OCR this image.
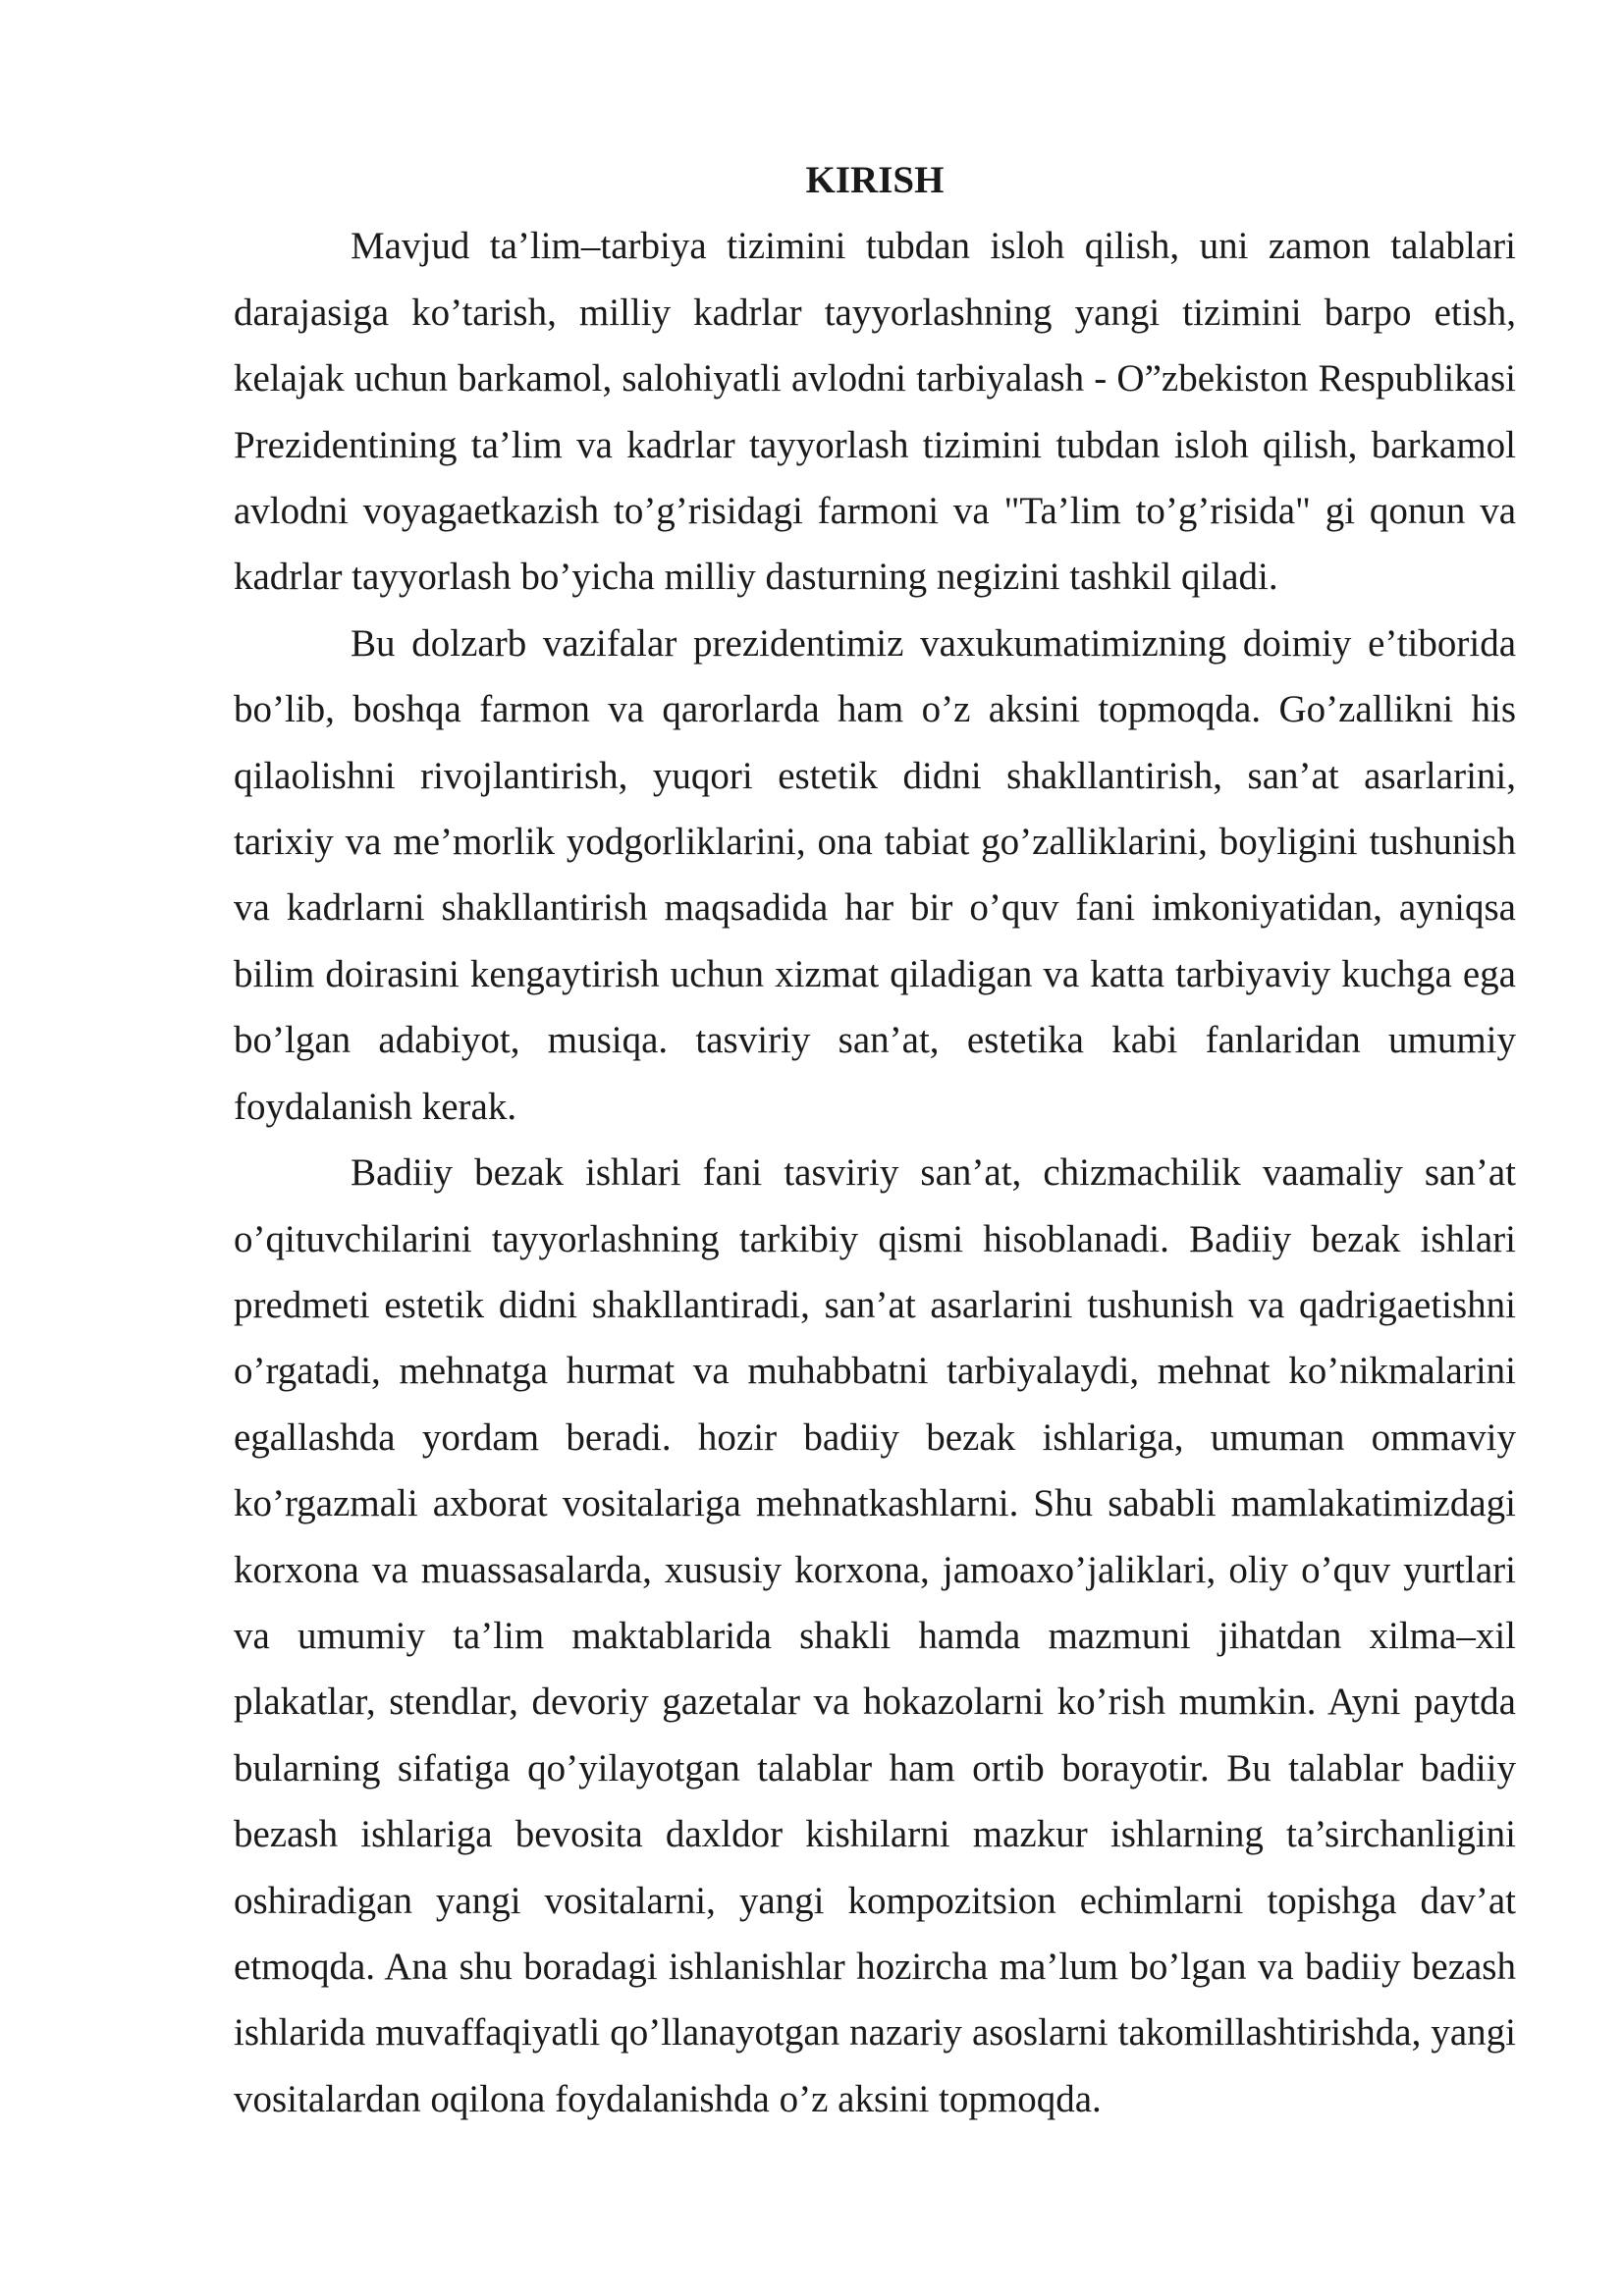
KIRISH

Mavjud ta’lim–tarbiya tizimini tubdan isloh qilish, uni zamon talablari darajasiga ko’tarish, milliy kadrlar tayyorlashning yangi tizimini barpo etish, kelajak uchun barkamol, salohiyatli avlodni tarbiyalash - O”zbekiston Respublikasi Prezidentining ta’lim va kadrlar tayyorlash tizimini tubdan isloh qilish, barkamol avlodni voyagaetkazish to’g’risidagi farmoni va "Ta’lim to’g’risida" gi qonun va kadrlar tayyorlash bo’yicha milliy dasturning negizini tashkil qiladi.

Bu dolzarb vazifalar prezidentimiz vaxukumatimizning doimiy e’tiborida bo’lib, boshqa farmon va qarorlarda ham o’z aksini topmoqda. Go’zallikni his qilaolishni rivojlantirish, yuqori estetik didni shakllantirish, san’at asarlarini, tarixiy va me’morlik yodgorliklarini, ona tabiat go’zalliklarini, boyligini tushunish va kadrlarni shakllantirish maqsadida har bir o’quv fani imkoniyatidan, ayniqsa bilim doirasini kengaytirish uchun xizmat qiladigan va katta tarbiyaviy kuchga ega bo’lgan adabiyot, musiqa. tasviriy san’at, estetika kabi fanlaridan umumiy foydalanish kerak.

Badiiy bezak ishlari fani tasviriy san’at, chizmachilik vaamaliy san’at o’qituvchilarini tayyorlashning tarkibiy qismi hisoblanadi. Badiiy bezak ishlari predmeti estetik didni shakllantiradi, san’at asarlarini tushunish va qadrigaetishni o’rgatadi, mehnatga hurmat va muhabbatni tarbiyalaydi, mehnat ko’nikmalarini egallashda yordam beradi. hozir badiiy bezak ishlariga, umuman ommaviy ko’rgazmali axborat vositalariga mehnatkashlarni. Shu sababli mamlakatimizdagi korxona va muassasalarda, xususiy korxona, jamoaxo’jaliklari, oliy o’quv yurtlari va umumiy ta’lim maktablarida shakli hamda mazmuni jihatdan xilma–xil plakatlar, stendlar, devoriy gazetalar va hokazolarni ko’rish mumkin. Ayni paytda bularning sifatiga qo’yilayotgan talablar ham ortib borayotir. Bu talablar badiiy bezash ishlariga bevosita daxldor kishilarni mazkur ishlarning ta’sirchanligini oshiradigan yangi vositalarni, yangi kompozitsion echimlarni topishga dav’at etmoqda. Ana shu boradagi ishlanishlar hozircha ma’lum bo’lgan va badiiy bezash ishlarida muvaffaqiyatli qo’llanayotgan nazariy asoslarni takomillashtirishda, yangi vositalardan oqilona foydalanishda o’z aksini topmoqda.
